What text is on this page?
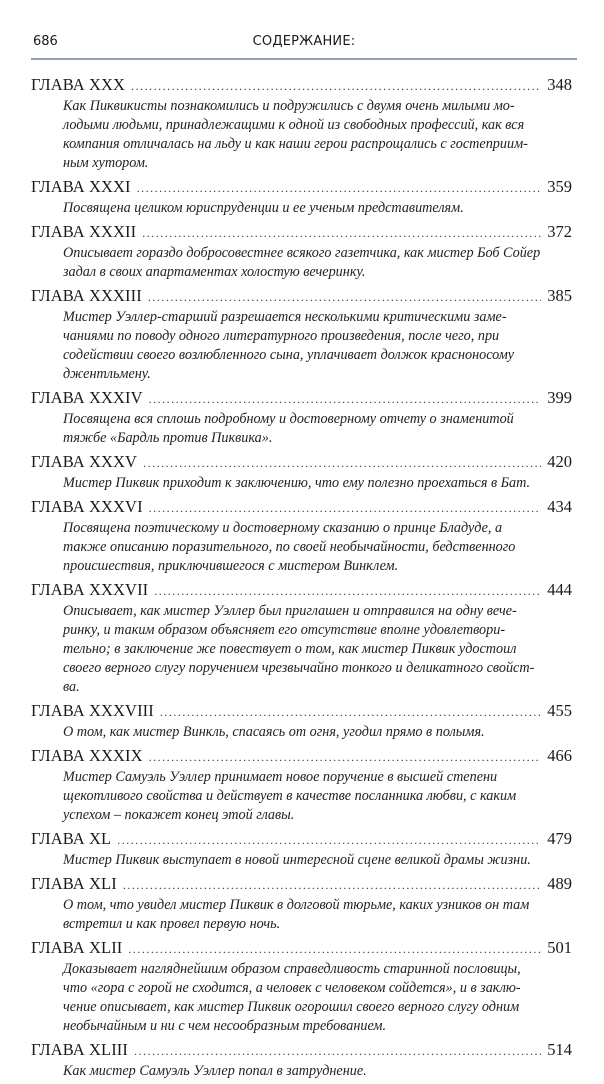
686	СОДЕРЖАНИЕ:
ГЛАВА XXX .....	348
Как Пиквикисты познакомились и подружились с двумя очень милыми мо-
лодыми людьми, принадлежащими к одной из свободных профессий, как вся
компания отличалась на льду и как наши герои распрощались с гостеприим-
ным хутором.
ГЛАВА XXXI .....	359
Посвящена целиком юриспруденции и ее ученым представителям.
ГЛАВА XXXII .....	372
Описывает гораздо добросовестнее всякого газетчика, как мистер Боб Сойер
задал в своих апартаментах холостую вечеринку.
ГЛАВА XXXIII .....	385
Мистер Уэллер-старший разрешается несколькими критическими заме-
чаниями по поводу одного литературного произведения, после чего, при
содействии своего возлюбленного сына, уплачивает должок красноносому
джентльмену.
ГЛАВА XXXIV .....	399
Посвящена вся сплошь подробному и достоверному отчету о знаменитой
тяжбе «Бардль против Пиквика».
ГЛАВА XXXV .....	420
Мистер Пиквик приходит к заключению, что ему полезно проехаться в Бат.
ГЛАВА XXXVI .....	434
Посвящена поэтическому и достоверному сказанию о принце Бладуде, а
также описанию поразительного, по своей необычайности, бедственного
происшествия, приключившегося с мистером Винклем.
ГЛАВА XXXVII .....	444
Описывает, как мистер Уэллер был приглашен и отправился на одну вече-
ринку, и таким образом объясняет его отсутствие вполне удовлетвори-
тельно; в заключение же повествует о том, как мистер Пиквик удостоил
своего верного слугу поручением чрезвычайно тонкого и деликатного свойст-
ва.
ГЛАВА XXXVIII .....	455
О том, как мистер Винкль, спасаясь от огня, угодил прямо в полымя.
ГЛАВА XXXIX .....	466
Мистер Самуэль Уэллер принимает новое поручение в высшей степени
щекотливого свойства и действует в качестве посланника любви, с каким
успехом – покажет конец этой главы.
ГЛАВА XL .....	479
Мистер Пиквик выступает в новой интересной сцене великой драмы жизни.
ГЛАВА XLI .....	489
О том, что увидел мистер Пиквик в долговой тюрьме, каких узников он там
встретил и как провел первую ночь.
ГЛАВА XLII .....	501
Доказывает нагляднейшим образом справедливость старинной пословицы,
что «гора с горой не сходится, а человек с человеком сойдется», и в заклю-
чение описывает, как мистер Пиквик огорошил своего верного слугу одним
необычайным и ни с чем несообразным требованием.
ГЛАВА XLIII .....	514
Как мистер Самуэль Уэллер попал в затруднение.
